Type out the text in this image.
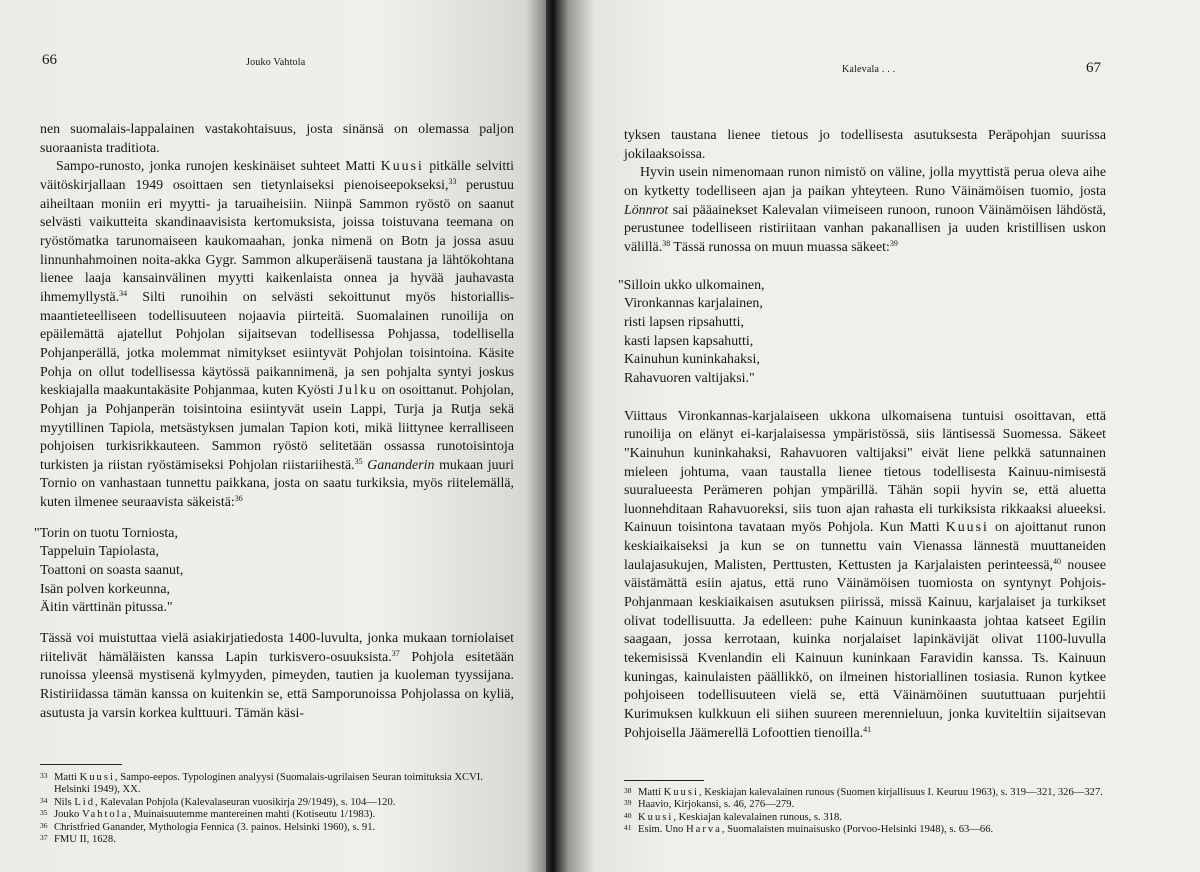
66	Jouko Vahtola

nen suomalais-lappalainen vastakohtaisuus, josta sinänsä on olemassa paljon suoraanista traditiota.

Sampo-runosto, jonka runojen keskinäiset suhteet Matti Kuusi pitkälle selvitti väitöskirjallaan 1949 osoittaen sen tietynlaiseksi pienoiseepokseksi,$^{33}$ perustuu aiheiltaan moniin eri myytti- ja taruaiheisiin. Niinpä Sammon ryöstö on saanut selvästi vaikutteita skandinaavisista kertomuksista, joissa toistuvana teemana on ryöstömatka tarunomaiseen kaukomaahan, jonka nimenä on Botn ja jossa asuu linnunhahmoinen noita-akka Gygr. Sammon alkuperäisenä taustana ja lähtökohtana lienee laaja kansainvälinen myytti kaikenlaista onnea ja hyvää jauhavasta ihmemyllystä.$^{34}$ Silti runoihin on selvästi sekoittunut myös historiallis-maantieteelliseen todellisuuteen nojaavia piirteitä. Suomalainen runoilija on epäilemättä ajatellut Pohjolan sijaitsevan todellisessa Pohjassa, todellisella Pohjanperällä, jotka molemmat nimitykset esiintyvät Pohjolan toisintoina. Käsite Pohja on ollut todellisessa käytössä paikannimenä, ja sen pohjalta syntyi joskus keskiajalla maakuntakäsite Pohjanmaa, kuten Kyösti Julku on osoittanut. Pohjolan, Pohjan ja Pohjanperän toisintoina esiintyvät usein Lappi, Turja ja Rutja sekä myytillinen Tapiola, metsästyksen jumalan Tapion koti, mikä liittynee kerralliseen pohjoisen turkisrikkauteen. Sammon ryöstö selitetään ossassa runotoisintoja turkisten ja riistan ryöstämiseksi Pohjolan riistariihestä.$^{35}$ Gananderin mukaan juuri Tornio on vanhastaan tunnettu paikkana, josta on saatu turkiksia, myös riitelemällä, kuten ilmenee seuraavista säkeistä:$^{36}$

"Torin on tuotu Torniosta,
Tappeluin Tapiolasta,
Toattoni on soasta saanut,
Isän polven korkeunna,
Äitin värttinän pitussa."

Tässä voi muistuttaa vielä asiakirjatiedosta 1400-luvulta, jonka mukaan torniolaiset riitelivät hämäläisten kanssa Lapin turkisvero-osuuksista.$^{37}$ Pohjola esitetään runoissa yleensä mystisenä kylmyyden, pimeyden, tautien ja kuoleman tyyssijana. Ristiriidassa tämän kanssa on kuitenkin se, että Samporunoissa Pohjolassa on kyliä, asutusta ja varsin korkea kulttuuri. Tämän käsi-

33 Matti Kuusi, Sampo-eepos. Typologinen analyysi (Suomalais-ugrilaisen Seuran toimituksia XCVI. Helsinki 1949), XX.
34 Nils Lid, Kalevalan Pohjola (Kalevalaseuran vuosikirja 29/1949), s. 104—120.
35 Jouko Vahtola, Muinaisuutemme mantereinen mahti (Kotiseutu 1/1983).
36 Christfried Ganander, Mythologia Fennica (3. painos. Helsinki 1960), s. 91.
37 FMU II, 1628.
Kalevala . . .	67

tyksen taustana lienee tietous jo todellisesta asutuksesta Peräpohjan suurissa jokilaaksoissa.

Hyvin usein nimenomaan runon nimistö on väline, jolla myyttistä perua oleva aihe on kytketty todelliseen ajan ja paikan yhteyteen. Runo Väinämöisen tuomio, josta Lönnrot sai pääainekset Kalevalan viimeiseen runoon, runoon Väinämöisen lähdöstä, perustunee todelliseen ristiriitaan vanhan pakanallisen ja uuden kristillisen uskon välillä.$^{38}$ Tässä runossa on muun muassa säkeet:$^{39}$

"Silloin ukko ulkomainen,
Vironkannas karjalainen,
risti lapsen ripsahutti,
kasti lapsen kapsahutti,
Kainuhun kuninkahaksi,
Rahavuoren valtijaksi."

Viittaus Vironkannas-karjalaiseen ukkona ulkomaisena tuntuisi osoittavan, että runoilija on elänyt ei-karjalaisessa ympäristössä, siis läntisessä Suomessa. Säkeet "Kainuhun kuninkahaksi, Rahavuoren valtijaksi" eivät liene pelkkä satunnainen mieleen johtuma, vaan taustalla lienee tietous todellisesta Kainuu-nimisestä suuralueesta Perämeren pohjan ympärillä. Tähän sopii hyvin se, että aluetta luonnehditaan Rahavuoreksi, siis tuon ajan rahasta eli turkiksista rikkaaksi alueeksi. Kainuun toisintona tavataan myös Pohjola. Kun Matti Kuusi on ajoittanut runon keskiaikaiseksi ja kun se on tunnettu vain Vienassa lännestä muuttaneiden laulajasukujen, Malisten, Perttusten, Kettusten ja Karjalaisten perinteessä,$^{40}$ nousee väistämättä esiin ajatus, että runo Väinämöisen tuomiosta on syntynyt Pohjois-Pohjanmaan keskiaikaisen asutuksen piirissä, missä Kainuu, karjalaiset ja turkikset olivat todellisuutta. Ja edelleen: puhe Kainuun kuninkaasta johtaa katseet Egilin saagaan, jossa kerrotaan, kuinka norjalaiset lapinkävijät olivat 1100-luvulla tekemisissä Kvenlandin eli Kainuun kuninkaan Faravidin kanssa. Ts. Kainuun kuningas, kainulaisten päällikkö, on ilmeinen historiallinen tosiasia. Runon kytkee pohjoiseen todellisuuteen vielä se, että Väinämöinen suututtuaan purjehtii Kurimuksen kulkkuun eli siihen suureen merennieluun, jonka kuviteltiin sijaitsevan Pohjoisella Jäämerellä Lofoottien tienoilla.$^{41}$

38 Matti Kuusi, Keskiajan kalevalainen runous (Suomen kirjallisuus I. Keuruu 1963), s. 319—321, 326—327.
39 Haavio, Kirjokansi, s. 46, 276—279.
40 Kuusi, Keskiajan kalevalainen runous, s. 318.
41 Esim. Uno Harva, Suomalaisten muinaisusko (Porvoo-Helsinki 1948), s. 63—66.
